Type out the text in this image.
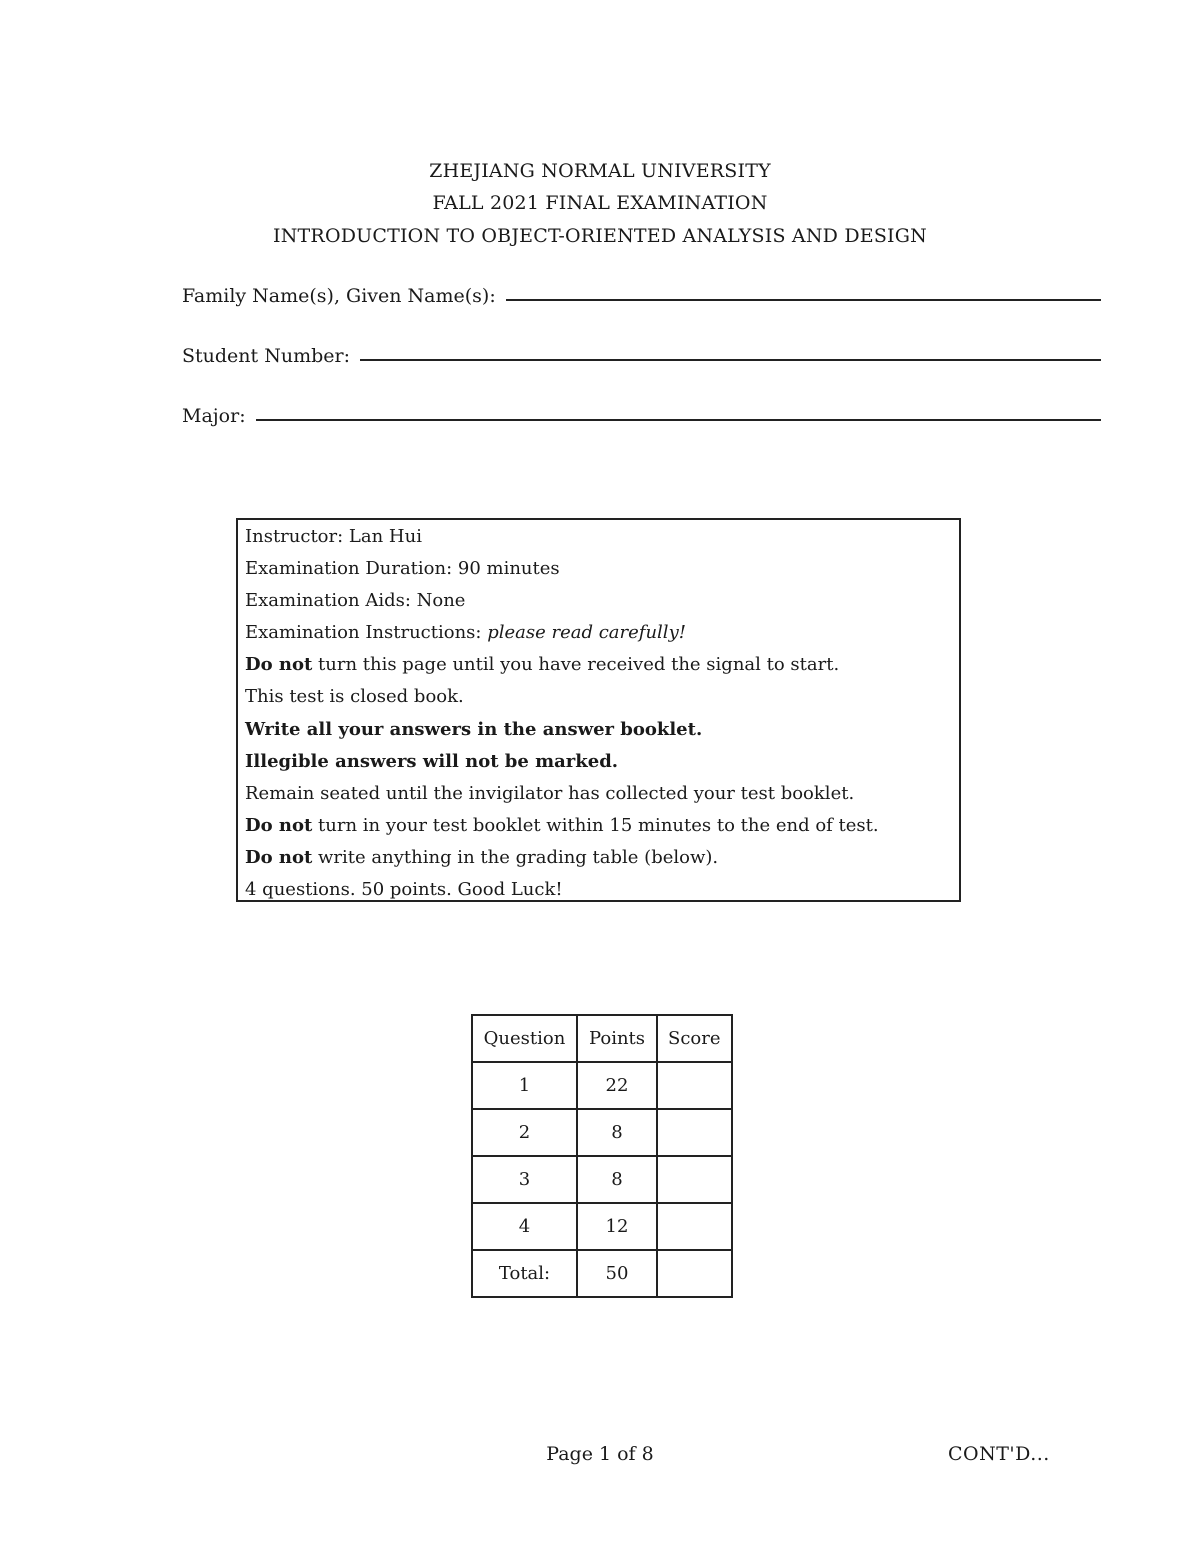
ZHEJIANG NORMAL UNIVERSITY
FALL 2021 FINAL EXAMINATION
INTRODUCTION TO OBJECT-ORIENTED ANALYSIS AND DESIGN
Family Name(s), Given Name(s):
Student Number:
Major:
Instructor: Lan Hui
Examination Duration: 90 minutes
Examination Aids: None
Examination Instructions: please read carefully!
Do not turn this page until you have received the signal to start.
This test is closed book.
Write all your answers in the answer booklet.
Illegible answers will not be marked.
Remain seated until the invigilator has collected your test booklet.
Do not turn in your test booklet within 15 minutes to the end of test.
Do not write anything in the grading table (below).
4 questions. 50 points. Good Luck!
Question	Points	Score
1	22	
2	8	
3	8	
4	12	
Total:	50	
Page 1 of 8	CONT'D...
